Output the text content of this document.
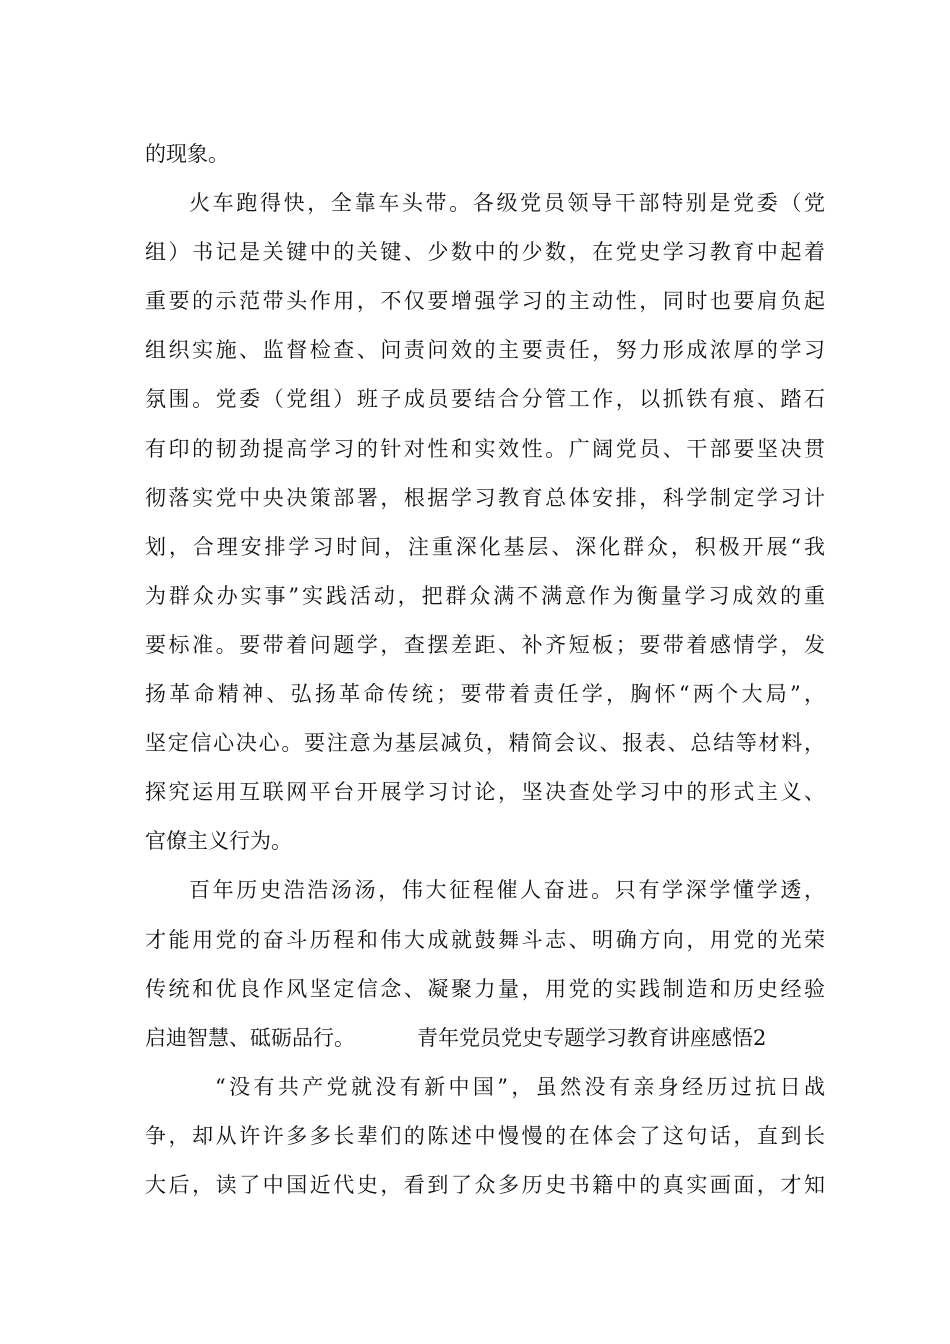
的现象。
火车跑得快，全靠车头带。各级党员领导干部特别是党委（党
组）书记是关键中的关键、少数中的少数，在党史学习教育中起着
重要的示范带头作用，不仅要增强学习的主动性，同时也要肩负起
组织实施、监督检查、问责问效的主要责任，努力形成浓厚的学习
氛围。党委（党组）班子成员要结合分管工作，以抓铁有痕、踏石
有印的韧劲提高学习的针对性和实效性。广阔党员、干部要坚决贯
彻落实党中央决策部署，根据学习教育总体安排，科学制定学习计
划，合理安排学习时间，注重深化基层、深化群众，积极开展“我
为群众办实事”实践活动，把群众满不满意作为衡量学习成效的重
要标准。要带着问题学，查摆差距、补齐短板；要带着感情学，发
扬革命精神、弘扬革命传统；要带着责任学，胸怀“两个大局”，
坚定信心决心。要注意为基层减负，精简会议、报表、总结等材料，
探究运用互联网平台开展学习讨论，坚决查处学习中的形式主义、
官僚主义行为。
百年历史浩浩汤汤，伟大征程催人奋进。只有学深学懂学透，
才能用党的奋斗历程和伟大成就鼓舞斗志、明确方向，用党的光荣
传统和优良作风坚定信念、凝聚力量，用党的实践制造和历史经验
启迪智慧、砥砺品行。	青年党员党史专题学习教育讲座感悟2
“没有共产党就没有新中国”，虽然没有亲身经历过抗日战
争，却从许许多多长辈们的陈述中慢慢的在体会了这句话，直到长
大后，读了中国近代史，看到了众多历史书籍中的真实画面，才知
